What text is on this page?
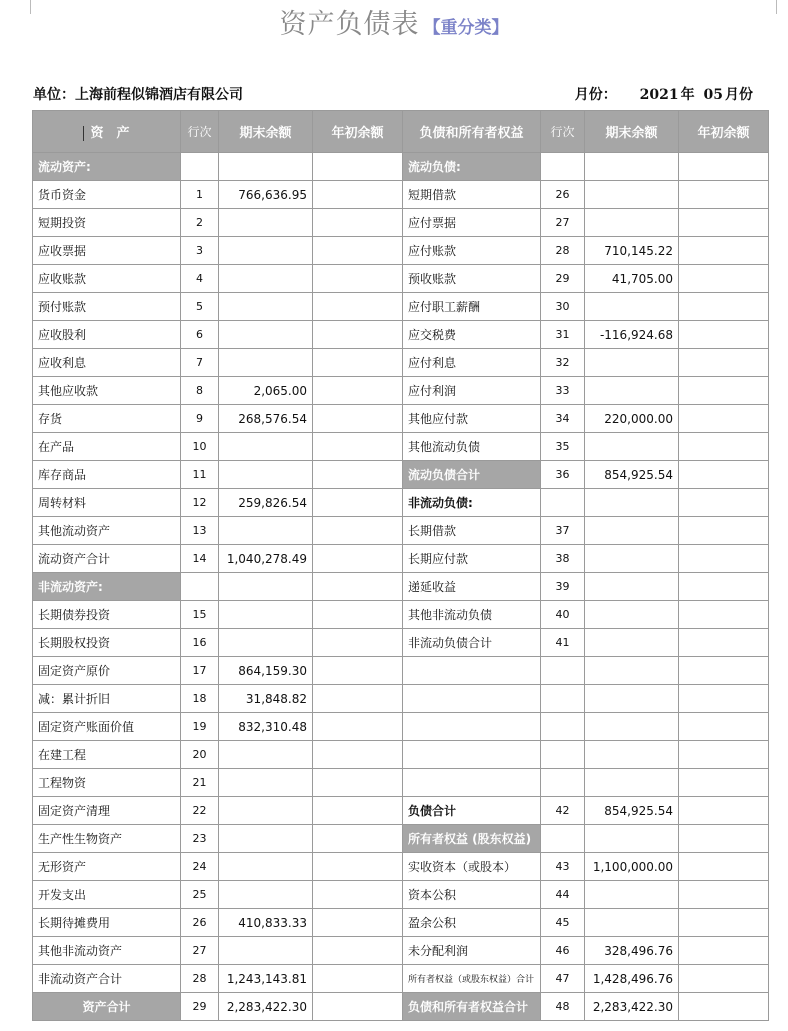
资产负债表 【重分类】
单位：上海前程似锦酒店有限公司	月份： 2021 年 05 月份
资　产	行次	期末余额	年初余额	负债和所有者权益	行次	期末余额	年初余额
流动资产:				流动负债:			
货币资金	1	766,636.95		短期借款	26		
短期投资	2			应付票据	27		
应收票据	3			应付账款	28	710,145.22	
应收账款	4			预收账款	29	41,705.00	
预付账款	5			应付职工薪酬	30		
应收股利	6			应交税费	31	-116,924.68	
应收利息	7			应付利息	32		
其他应收款	8	2,065.00		应付利润	33		
存货	9	268,576.54		其他应付款	34	220,000.00	
在产品	10			其他流动负债	35		
库存商品	11			流动负债合计	36	854,925.54	
周转材料	12	259,826.54		非流动负债:			
其他流动资产	13			长期借款	37		
流动资产合计	14	1,040,278.49		长期应付款	38		
非流动资产:				递延收益	39		
长期债券投资	15			其他非流动负债	40		
长期股权投资	16			非流动负债合计	41		
固定资产原价	17	864,159.30					
减：累计折旧	18	31,848.82					
固定资产账面价值	19	832,310.48					
在建工程	20						
工程物资	21						
固定资产清理	22			负债合计	42	854,925.54	
生产性生物资产	23			所有者权益 (股东权益)			
无形资产	24			实收资本（或股本）	43	1,100,000.00	
开发支出	25			资本公积	44		
长期待摊费用	26	410,833.33		盈余公积	45		
其他非流动资产	27			未分配利润	46	328,496.76	
非流动资产合计	28	1,243,143.81		所有者权益（或股东权益）合计	47	1,428,496.76	
资产合计	29	2,283,422.30		负债和所有者权益合计	48	2,283,422.30	
